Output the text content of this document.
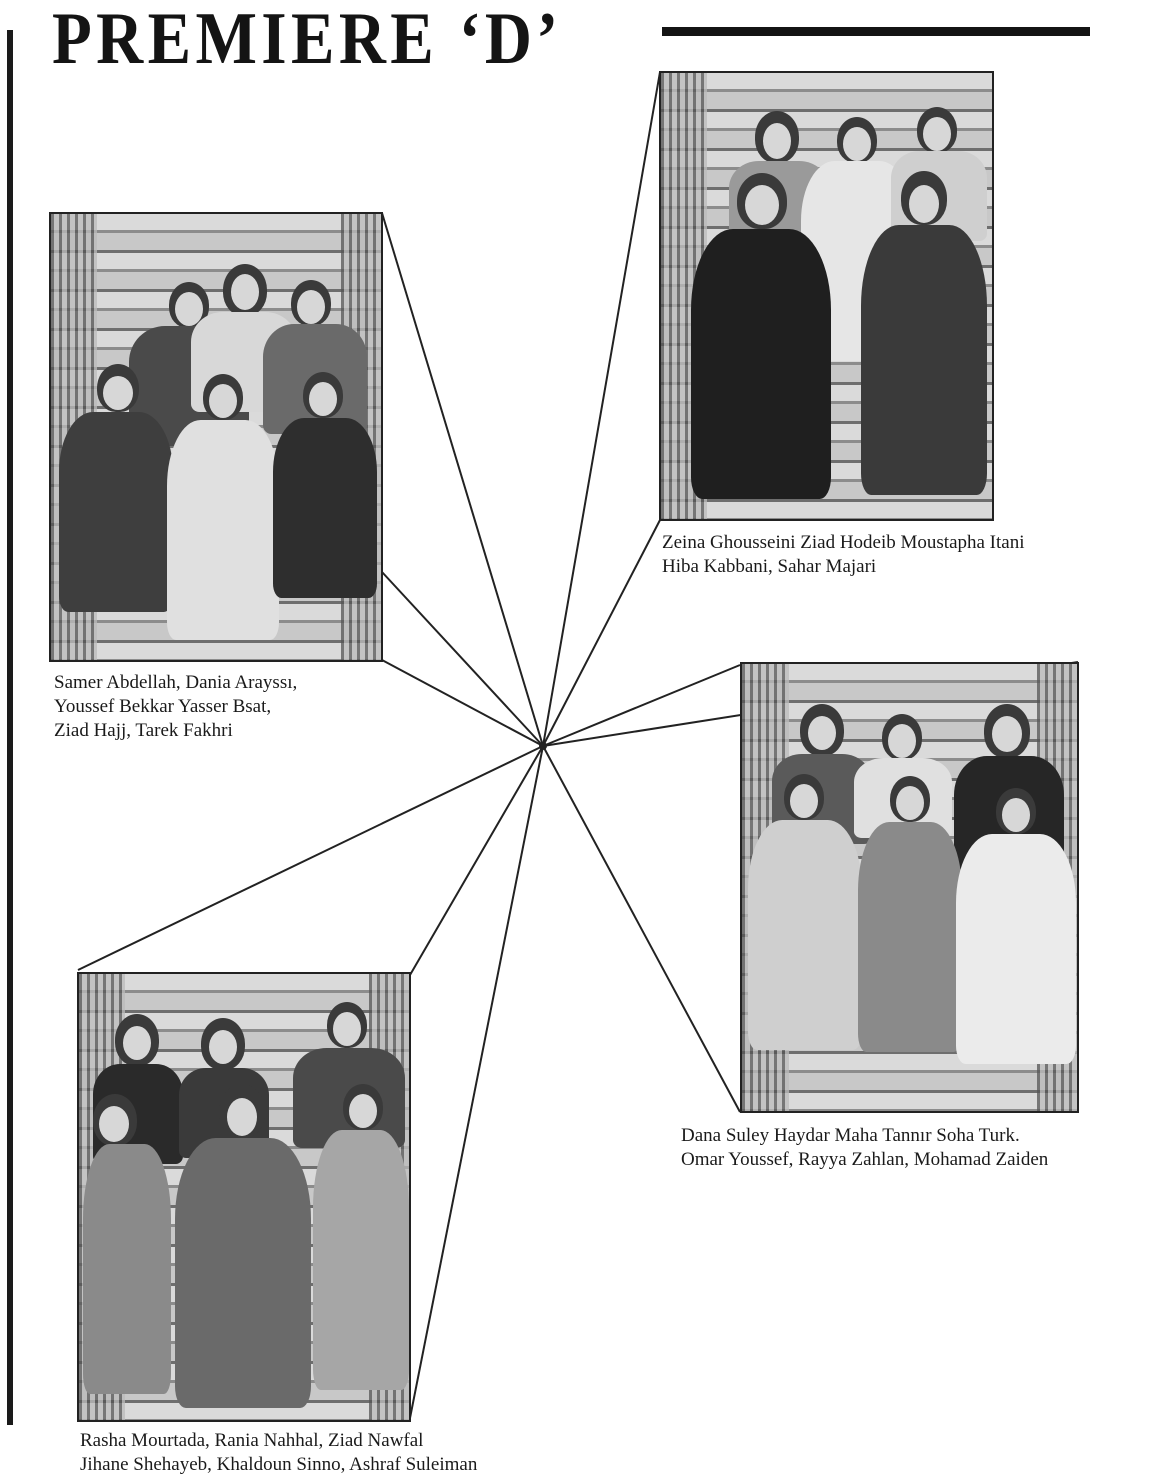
PREMIERE ‘D’

Samer Abdellah, Dania Arayssı,
Youssef Bekkar Yasser Bsat,
Ziad Hajj, Tarek Fakhri

Zeina Ghousseini Ziad Hodeib Moustapha Itani
Hiba Kabbani, Sahar Majari

Dana Suley Haydar Maha Tannır Soha Turk.
Omar Youssef, Rayya Zahlan, Mohamad Zaiden

Rasha Mourtada, Rania Nahhal, Ziad Nawfal
Jihane Shehayeb, Khaldoun Sinno, Ashraf Suleiman
